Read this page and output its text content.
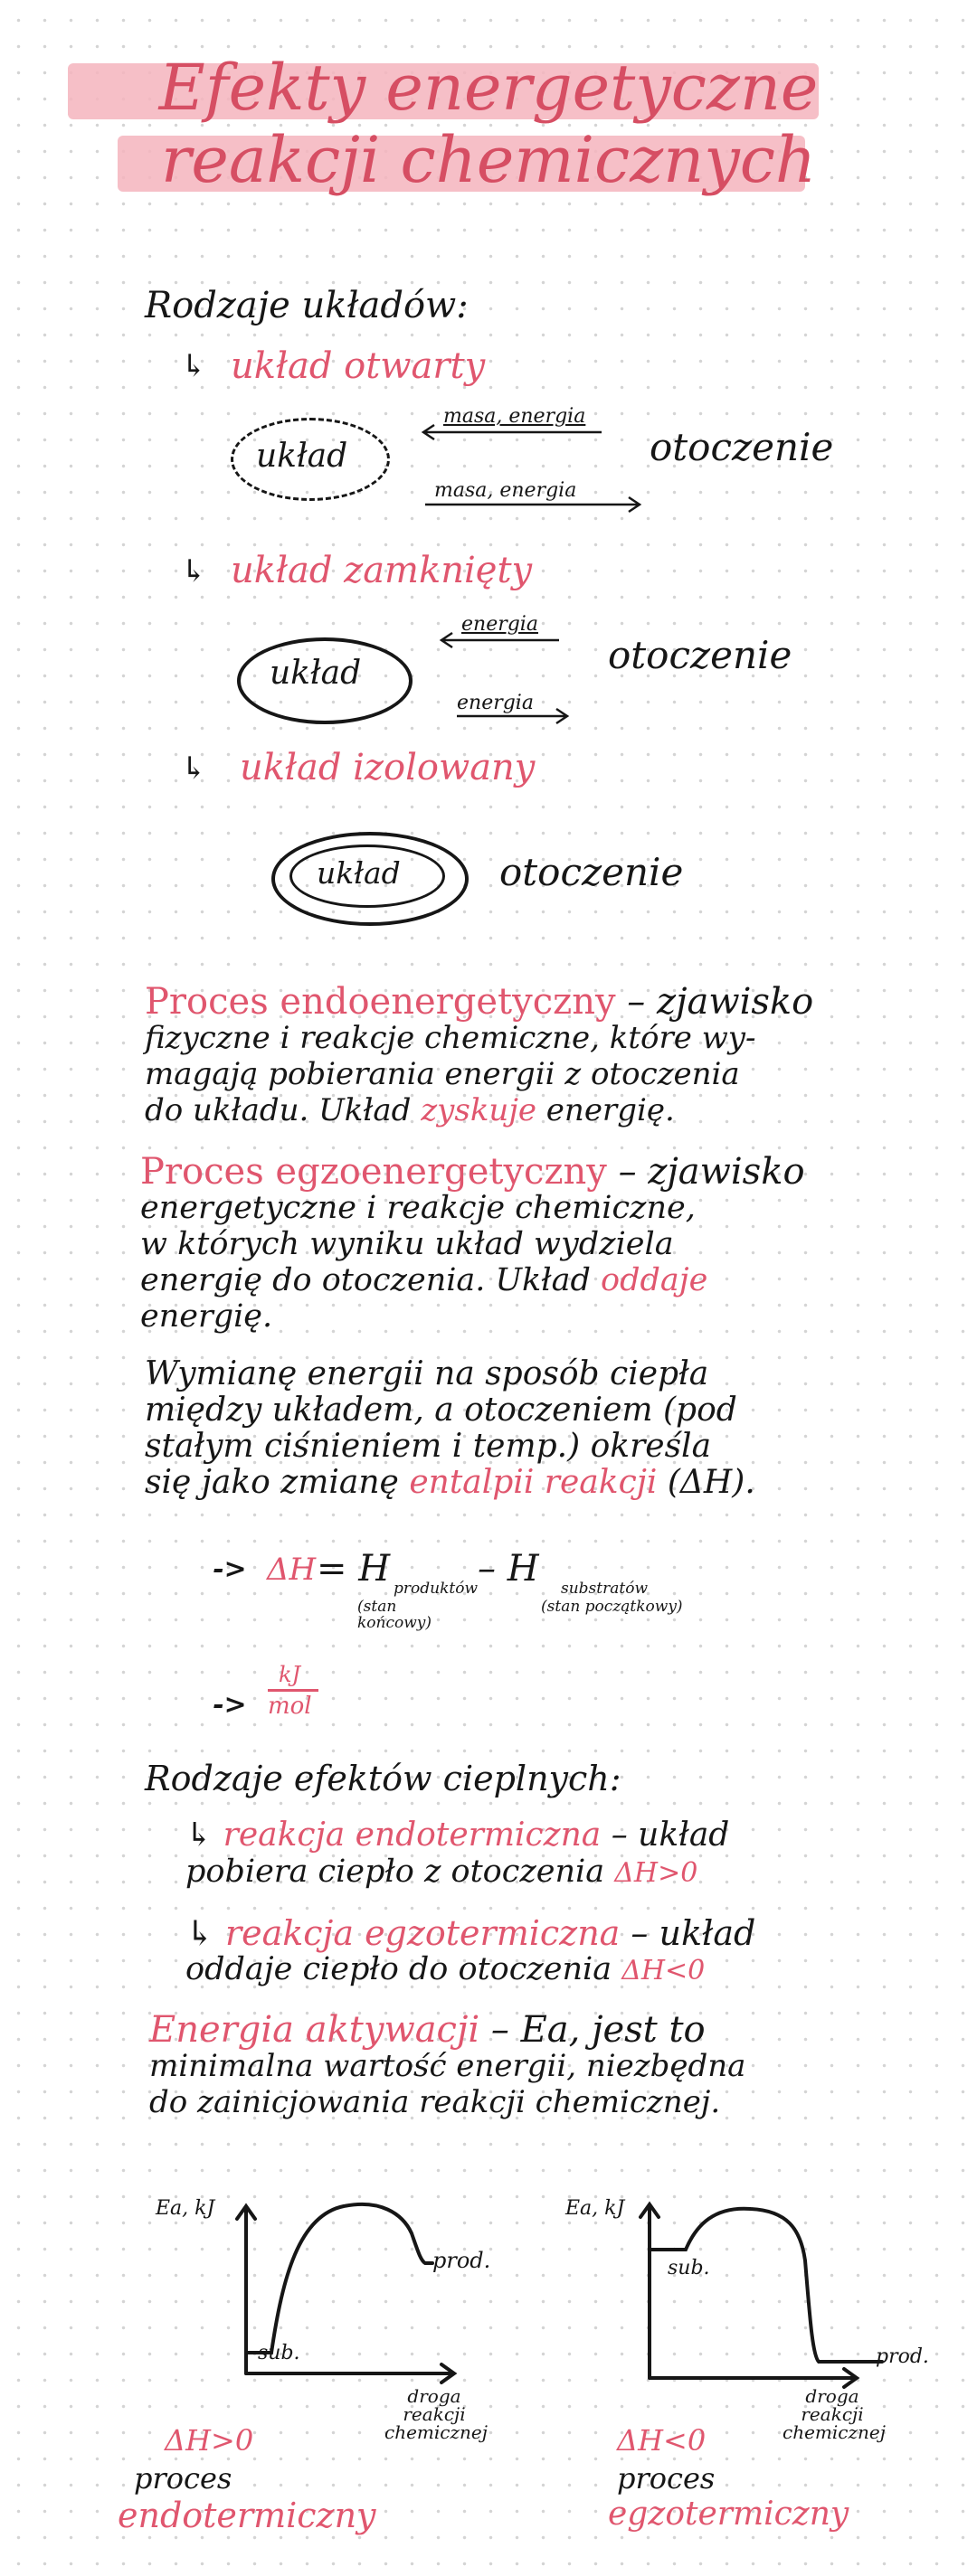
Efekty energetyczne
reakcji chemicznych
Rodzaje układów:
↳ układ otwarty
układ
masa, energia
masa, energia
otoczenie
↳ układ zamknięty
układ
energia
energia
otoczenie
↳ układ izolowany
układ	otoczenie
Proces endoenergetyczny – zjawisko
fizyczne i reakcje chemiczne, które wy-
magają pobierania energii z otoczenia
do układu. Układ zyskuje energię.
Proces egzoenergetyczny – zjawisko
energetyczne i reakcje chemiczne,
w których wyniku układ wydziela
energię do otoczenia. Układ oddaje
energię.
Wymianę energii na sposób ciepła
między układem, a otoczeniem (pod
stałym ciśnieniem i temp.) określa
się jako zmianę entalpii reakcji (ΔH).
-> ΔH = H produktów
(stan końcowy)
– H substratów
(stan początkowy)
->
kJ
mol
Rodzaje efektów cieplnych:
↳ reakcja endotermiczna – układ
pobiera ciepło z otoczenia ΔH>0
↳ reakcja egzotermiczna – układ
oddaje ciepło do otoczenia ΔH<0
Energia aktywacji – Ea, jest to
minimalna wartość energii, niezbędna
do zainicjowania reakcji chemicznej.
Ea, kJ
prod.
sub.
droga
reakcji
chemicznej
ΔH>0
proces
endotermiczny
Ea, kJ
sub.
prod.
droga
reakcji
chemicznej
ΔH<0
proces
egzotermiczny
